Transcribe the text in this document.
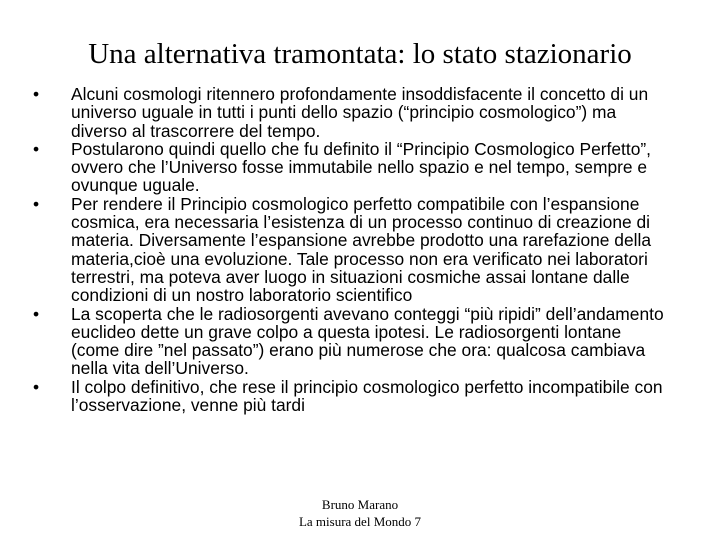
Una alternativa tramontata: lo stato stazionario
• Alcuni cosmologi ritennero profondamente insoddisfacente il concetto di un universo uguale in tutti i punti dello spazio (“principio cosmologico”) ma diverso al trascorrere del tempo.
• Postularono quindi quello che fu definito il “Principio Cosmologico Perfetto”, ovvero che l’Universo fosse immutabile nello spazio e nel tempo, sempre e ovunque uguale.
• Per rendere il Principio cosmologico perfetto compatibile con l’espansione cosmica, era necessaria l’esistenza di un processo continuo di creazione di materia. Diversamente l’espansione avrebbe prodotto una rarefazione della materia,cioè una evoluzione. Tale processo non era verificato nei laboratori terrestri, ma poteva aver luogo in situazioni cosmiche assai lontane dalle condizioni di un nostro laboratorio scientifico
• La scoperta che le radiosorgenti avevano conteggi “più ripidi” dell’andamento euclideo dette un grave colpo a questa ipotesi. Le radiosorgenti lontane (come dire ”nel passato”) erano più numerose che ora: qualcosa cambiava nella vita dell’Universo.
• Il colpo definitivo, che rese il principio cosmologico perfetto incompatibile con l’osservazione, venne più tardi
Bruno Marano
La misura del Mondo 7
